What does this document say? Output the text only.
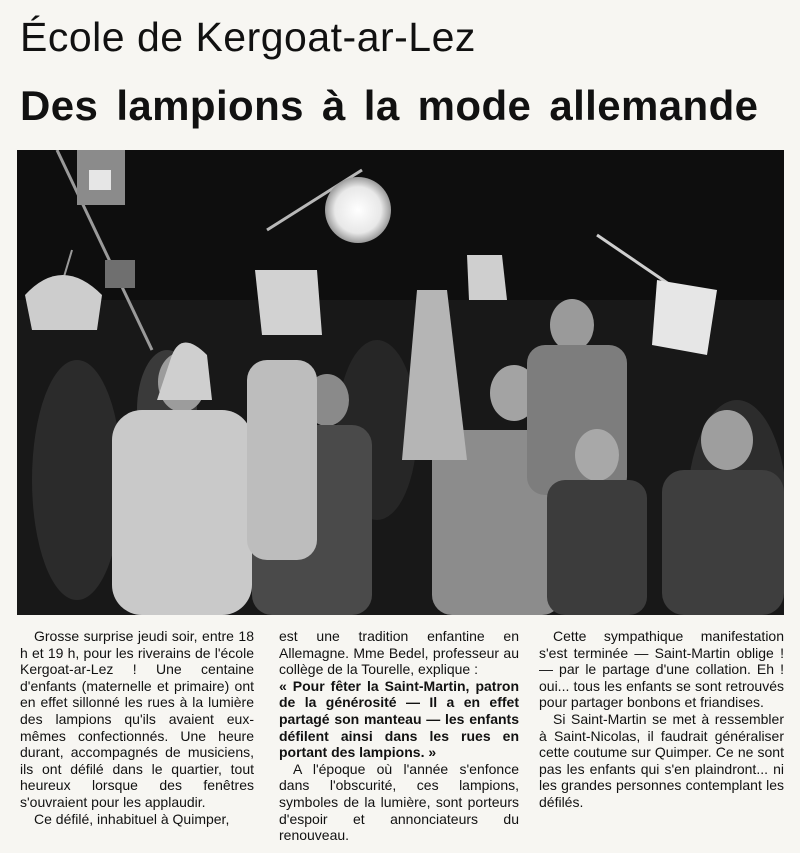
École de Kergoat-ar-Lez
Des lampions à la mode allemande

Grosse surprise jeudi soir, entre 18 h et 19 h, pour les riverains de l'école Kergoat-ar-Lez ! Une centaine d'enfants (maternelle et primaire) ont en effet sillonné les rues à la lumière des lampions qu'ils avaient eux-mêmes confectionnés. Une heure durant, accompagnés de musiciens, ils ont défilé dans le quartier, tout heureux lorsque des fenêtres s'ouvraient pour les applaudir.

Ce défilé, inhabituel à Quimper,

est une tradition enfantine en Allemagne. Mme Bedel, professeur au collège de la Tourelle, explique :

« Pour fêter la Saint-Martin, patron de la générosité — Il a en effet partagé son manteau — les enfants défilent ainsi dans les rues en portant des lampions. »

A l'époque où l'année s'enfonce dans l'obscurité, ces lampions, symboles de la lumière, sont porteurs d'espoir et annonciateurs du renouveau.

Cette sympathique manifestation s'est terminée — Saint-Martin oblige ! — par le partage d'une collation. Eh ! oui... tous les enfants se sont retrouvés pour partager bonbons et friandises.

Si Saint-Martin se met à ressembler à Saint-Nicolas, il faudrait généraliser cette coutume sur Quimper. Ce ne sont pas les enfants qui s'en plaindront... ni les grandes personnes contemplant les défilés.
